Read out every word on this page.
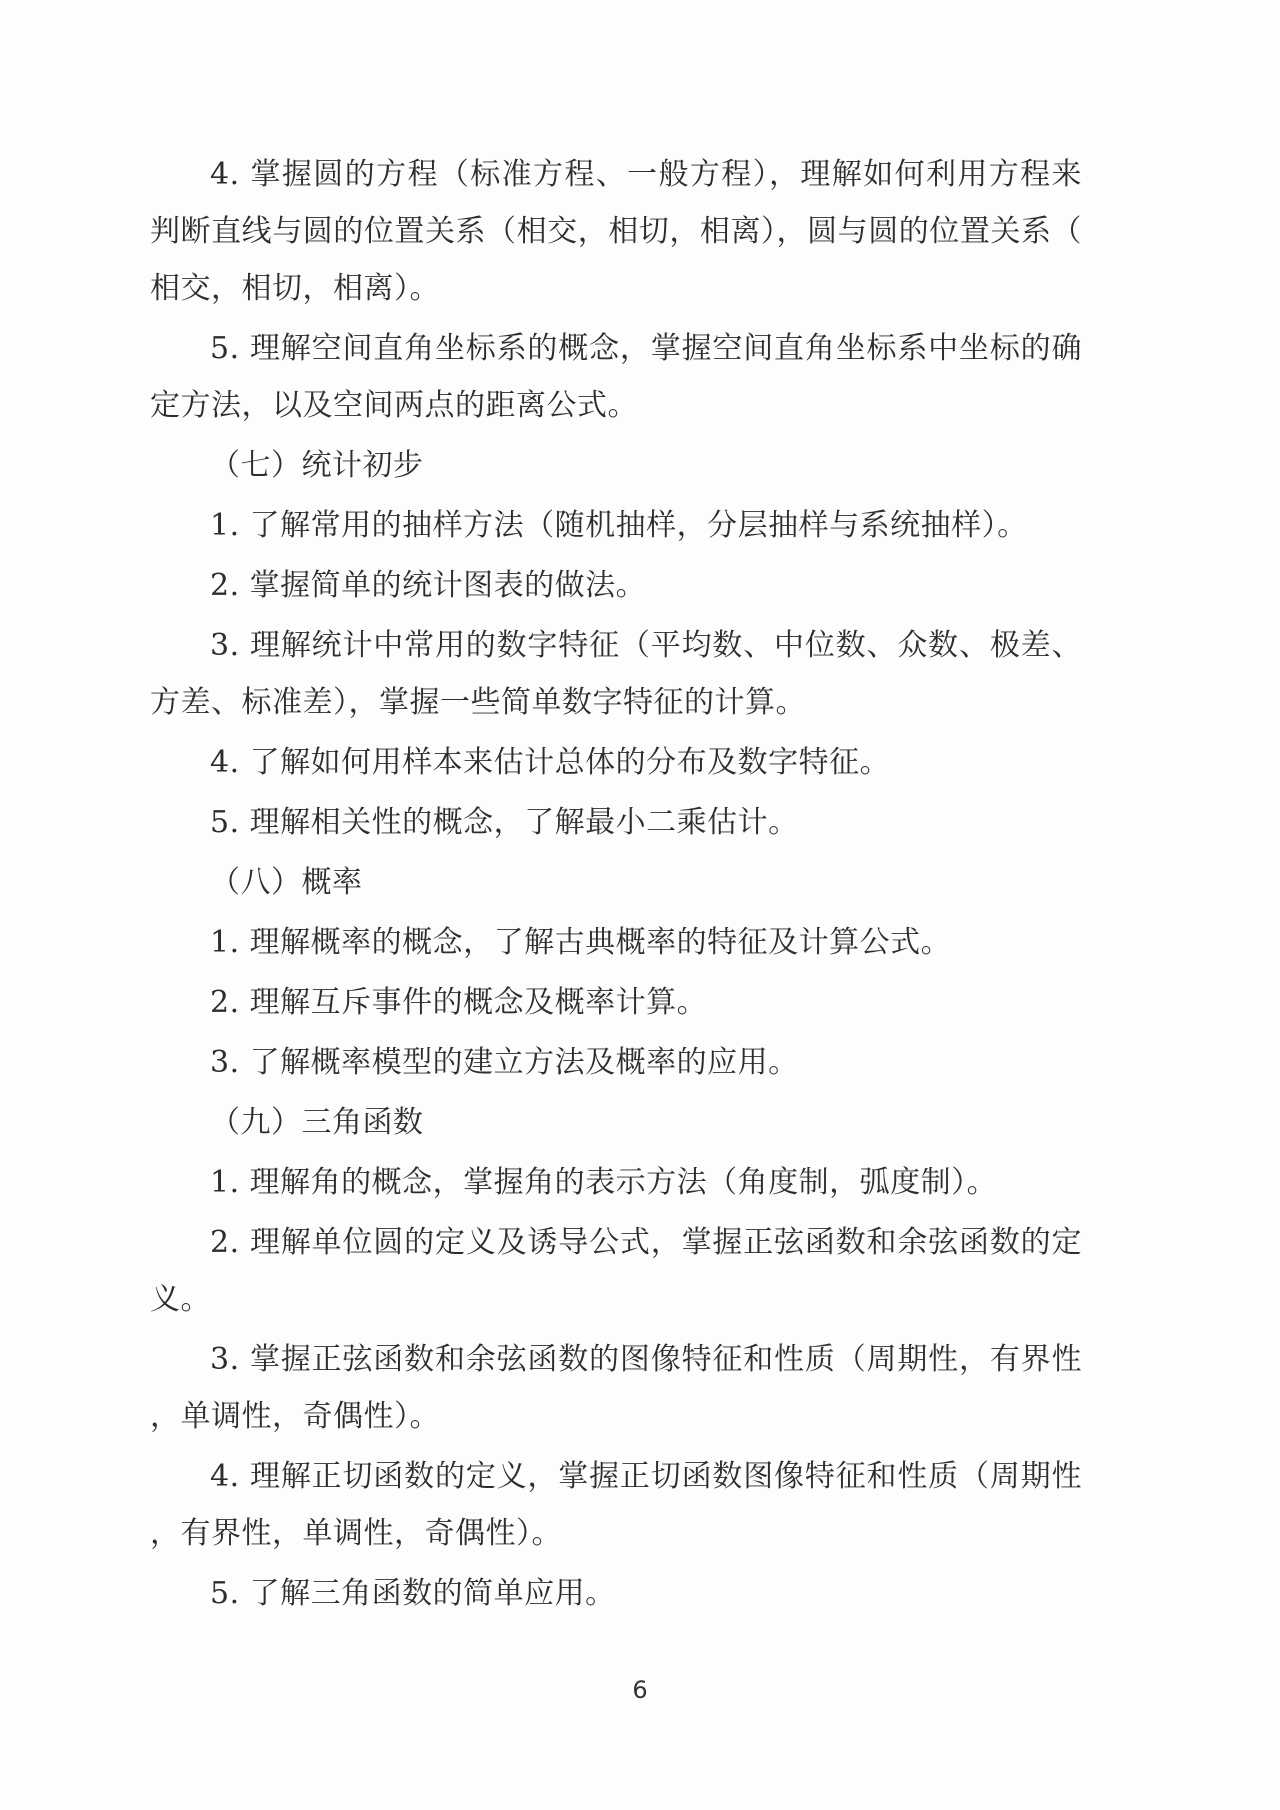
4. 掌握圆的方程（标准方程、一般方程），理解如何利用方程来判断直线与圆的位置关系（相交，相切，相离），圆与圆的位置关系（相交，相切，相离）。

5. 理解空间直角坐标系的概念，掌握空间直角坐标系中坐标的确定方法，以及空间两点的距离公式。

（七）统计初步

1. 了解常用的抽样方法（随机抽样，分层抽样与系统抽样）。

2. 掌握简单的统计图表的做法。

3. 理解统计中常用的数字特征（平均数、中位数、众数、极差、方差、标准差），掌握一些简单数字特征的计算。

4. 了解如何用样本来估计总体的分布及数字特征。

5. 理解相关性的概念，了解最小二乘估计。

（八）概率

1. 理解概率的概念，了解古典概率的特征及计算公式。

2. 理解互斥事件的概念及概率计算。

3. 了解概率模型的建立方法及概率的应用。

（九）三角函数

1. 理解角的概念，掌握角的表示方法（角度制，弧度制）。

2. 理解单位圆的定义及诱导公式，掌握正弦函数和余弦函数的定义。

3. 掌握正弦函数和余弦函数的图像特征和性质（周期性，有界性，单调性，奇偶性）。

4. 理解正切函数的定义，掌握正切函数图像特征和性质（周期性，有界性，单调性，奇偶性）。

5. 了解三角函数的简单应用。

6
